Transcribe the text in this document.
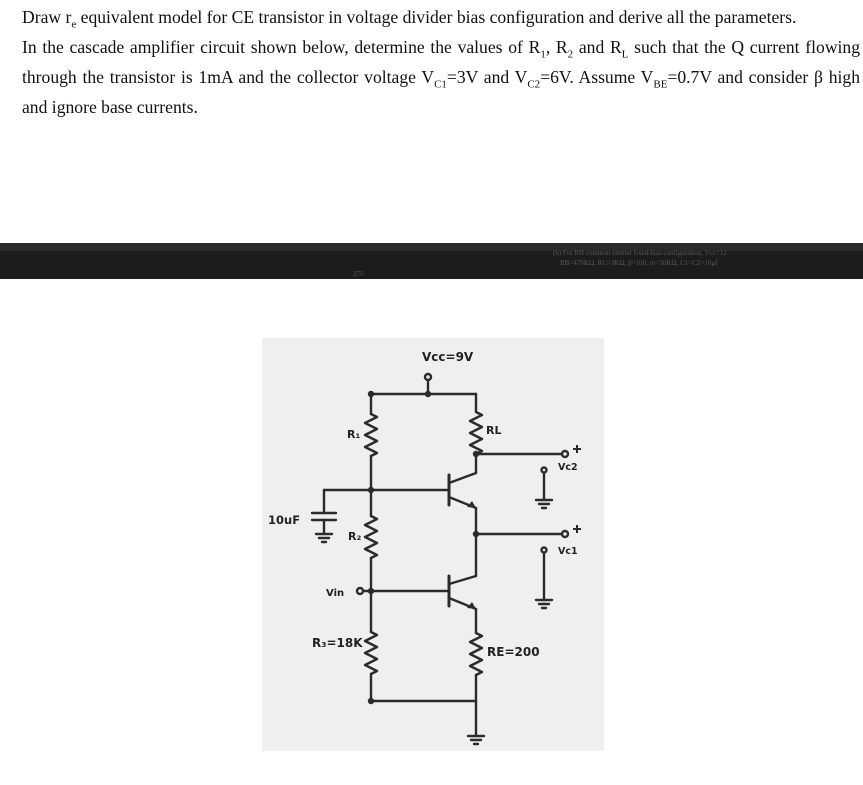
Draw $r_e$ equivalent model for CE transistor in voltage divider bias configuration and derive all the parameters.

In the cascade amplifier circuit shown below, determine the values of $R_1$, $R_2$ and $R_L$ such that the Q current flowing through the transistor is 1mA and the collector voltage $V_{C1}=3V$ and $V_{C2}=6V$. Assume $V_{BE}=0.7V$ and consider β high and ignore base currents.

(b) For RH common emitter fixed-bias configuration, Vcc=12
RB=470KΩ, RC=3KΩ, β=100, ro=50KΩ, C1=C2=10μf
275
Vcc=9V
R₁
R₂
RL
R₃=18K
RE=200
10uF
Vin
Vc2
Vc1
